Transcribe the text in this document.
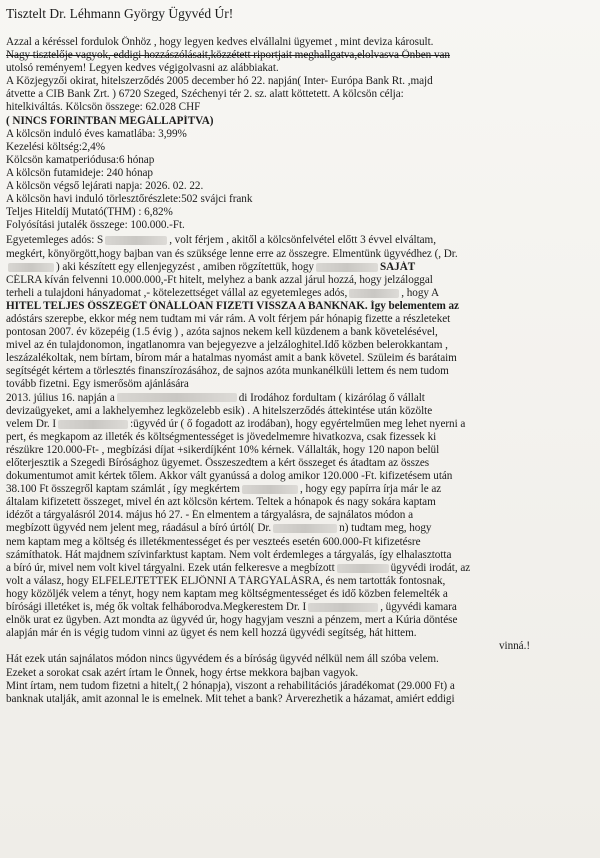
Tisztelt Dr. Léhmann György Ügyvéd Úr!
Azzal a kéréssel fordulok Önhöz , hogy legyen kedves elvállalni ügyemet , mint deviza károsult.
Nagy tisztelője vagyok, eddigi hozzászólásait,közzétett riportjait meghallgatva,elolvasva Önben van
utolsó reményem! Legyen kedves végigolvasni az alábbiakat.
A Közjegyzői okirat, hitelszerződés 2005 december hó 22. napján( Inter- Európa Bank Rt. ,majd
átvette a CIB Bank Zrt. ) 6720 Szeged, Széchenyi tér 2. sz. alatt köttetett. A kölcsön célja:
hitelkiváltás. Kölcsön összege: 62.028 CHF
( NINCS FORINTBAN MEGÁLLAPÍTVA)
A kölcsön induló éves kamatlába: 3,99%
Kezelési költség:2,4%
Kölcsön kamatperiódusa:6 hónap
A kölcsön futamideje: 240 hónap
A kölcsön végső lejárati napja: 2026. 02. 22.
A kölcsön havi induló törlesztőrészlete:502 svájci frank
Teljes Hiteldíj Mutató(THM) : 6,82%
Folyósítási jutalék összege: 100.000.-Ft.
Egyetemleges adós: S	, volt férjem , akitől a kölcsönfelvétel előtt 3 évvel elváltam,
megkért, könyörgött,hogy bajban van és szüksége lenne erre az összegre. Elmentünk ügyvédhez (, Dr.
) aki készített egy ellenjegyzést , amiben rögzítettük, hogy	SAJÁT
CÉLRA kíván felvenni 10.000.000,-Ft hitelt, melyhez a bank azzal járul hozzá, hogy jelzáloggal
terheli a tulajdoni hányadomat ,- kötelezettséget vállal az egyetemleges adós,	, hogy A
HITEL TELJES ÖSSZEGÉT ÖNÁLLÓAN FIZETI VISSZA A BANKNAK. Így belementem az
adóstárs szerepbe, ekkor még nem tudtam mi vár rám. A volt férjem pár hónapig fizette a részleteket
pontosan 2007. év közepéig (1.5 évig ) , azóta sajnos nekem kell küzdenem a bank követelésével,
mivel az én tulajdonomon, ingatlanomra van bejegyezve a jelzáloghitel.Idő közben belerokkantam ,
leszázalékoltak, nem bírtam, bírom már a hatalmas nyomást amit a bank követel. Szüleim és barátaim
segítségét kértem a törlesztés finanszírozásához, de sajnos azóta munkanélküli lettem és nem tudom
tovább fizetni. Egy ismerősöm ajánlására
2013. július 16. napján a	di Irodához fordultam ( kizárólag ő vállalt
devizaügyeket, ami a lakhelyemhez legközelebb esik) . A hitelszerződés áttekintése után közölte
velem Dr. I	:ügyvéd úr ( ő fogadott az irodában), hogy egyértelműen meg lehet nyerni a
pert, és megkapom az illeték és költségmentességet is jövedelmemre hivatkozva, csak fizessek ki
részükre 120.000-Ft- , megbízási díjat +sikerdíjként 10% kérnek. Vállalták, hogy 120 napon belül
előterjesztik a Szegedi Bírósághoz ügyemet. Összeszedtem a kért összeget és átadtam az összes
dokumentumot amit kértek tőlem. Akkor vált gyanússá a dolog amikor 120.000 -Ft. kifizetésem után
38.100 Ft összegről kaptam számlát , így megkértem	, hogy egy papírra írja már le az
általam kifizetett összeget, mivel én azt kölcsön kértem. Teltek a hónapok és nagy sokára kaptam
idézőt a tárgyalásról 2014. május hó 27. - Én elmentem a tárgyalásra, de sajnálatos módon a
megbízott ügyvéd nem jelent meg, ráadásul a bíró úrtól( Dr.	n) tudtam meg, hogy
nem kaptam meg a költség és illetékmentességet és per veszteés esetén 600.000-Ft kifizetésre
számíthatok. Hát majdnem szívinfarktust kaptam. Nem volt érdemleges a tárgyalás, így elhalasztotta
a bíró úr, mivel nem volt kivel tárgyalni. Ezek után felkeresve a megbízott	ügyvédi irodát, az
volt a válasz, hogy ELFELEJTETTEK ELJÖNNI A TÁRGYALÁSRA, és nem tartották fontosnak,
hogy közöljék velem a tényt, hogy nem kaptam meg költségmentességet és idő közben felemelték a
bírósági illetéket is, még ők voltak felháborodva.Megkerestem Dr. I	, ügyvédi kamara
elnök urat ez ügyben. Azt mondta az ügyvéd úr, hogy hagyjam veszni a pénzem, mert a Kúria döntése
alapján már én is végig tudom vinni az ügyet és nem kell hozzá ügyvédi segítség, hát hittem.
vinná.!
Hát ezek után sajnálatos módon nincs ügyvédem és a bíróság ügyvéd nélkül nem áll szóba velem.
Ezeket a sorokat csak azért írtam le Önnek, hogy értse mekkora bajban vagyok.
Mint írtam, nem tudom fizetni a hitelt,( 2 hónapja), viszont a rehabilitációs járadékomat (29.000 Ft) a
banknak utalják, amit azonnal le is emelnek. Mit tehet a bank? Árverezhetik a házamat, amiért eddigi
